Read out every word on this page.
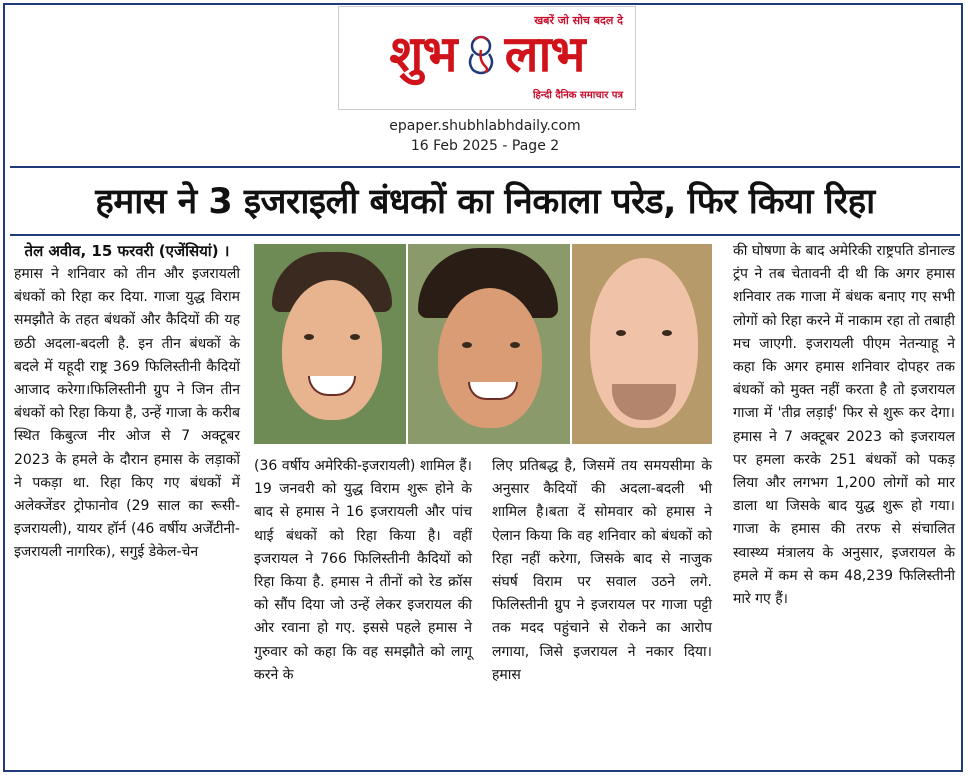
खबरें जो सोच बदल दे
शुभ लाभ
हिन्दी दैनिक समाचार पत्र
epaper.shubhlabhdaily.com
16 Feb 2025 - Page 2
हमास ने 3 इजराइली बंधकों का निकाला परेड, फिर किया रिहा
तेल अवीव, 15 फरवरी (एजेंसियां) ।

हमास ने शनिवार को तीन और इजरायली बंधकों को रिहा कर दिया. गाजा युद्ध विराम समझौते के तहत बंधकों और कैदियों की यह छठी अदला-बदली है. इन तीन बंधकों के बदले में यहूदी राष्ट्र 369 फिलिस्तीनी कैदियों आजाद करेगा।फिलिस्तीनी ग्रुप ने जिन तीन बंधकों को रिहा किया है, उन्हें गाजा के करीब स्थित किबुत्ज नीर ओज से 7 अक्टूबर 2023 के हमले के दौरान हमास के लड़ाकों ने पकड़ा था. रिहा किए गए बंधकों में अलेक्जेंडर ट्रोफानोव (29 साल का रूसी-इजरायली), यायर हॉर्न (46 वर्षीय अर्जेंटीनी-इजरायली नागरिक), सगुई डेकेल-चेन

(36 वर्षीय अमेरिकी-इजरायली) शामिल हैं।19 जनवरी को युद्ध विराम शुरू होने के बाद से हमास ने 16 इजरायली और पांच थाई बंधकों को रिहा किया है। वहीं इजरायल ने 766 फिलिस्तीनी कैदियों को रिहा किया है. हमास ने तीनों को रेड क्रॉस को सौंप दिया जो उन्हें लेकर इजरायल की ओर रवाना हो गए. इससे पहले हमास ने गुरुवार को कहा कि वह समझौते को लागू करने के

लिए प्रतिबद्ध है, जिसमें तय समयसीमा के अनुसार कैदियों की अदला-बदली भी शामिल है।बता दें सोमवार को हमास ने ऐलान किया कि वह शनिवार को बंधकों को रिहा नहीं करेगा, जिसके बाद से नाजुक संघर्ष विराम पर सवाल उठने लगे. फिलिस्तीनी ग्रुप ने इजरायल पर गाजा पट्टी तक मदद पहुंचाने से रोकने का आरोप लगाया, जिसे इजरायल ने नकार दिया। हमास

की घोषणा के बाद अमेरिकी राष्ट्रपति डोनाल्ड ट्रंप ने तब चेतावनी दी थी कि अगर हमास शनिवार तक गाजा में बंधक बनाए गए सभी लोगों को रिहा करने में नाकाम रहा तो तबाही मच जाएगी. इजरायली पीएम नेतन्याहू ने कहा कि अगर हमास शनिवार दोपहर तक बंधकों को मुक्त नहीं करता है तो इजरायल गाजा में 'तीव्र लड़ाई' फिर से शुरू कर देगा।हमास ने 7 अक्टूबर 2023 को इजरायल पर हमला करके 251 बंधकों को पकड़ लिया और लगभग 1,200 लोगों को मार डाला था जिसके बाद युद्ध शुरू हो गया। गाजा के हमास की तरफ से संचालित स्वास्थ्य मंत्रालय के अनुसार, इजरायल के हमले में कम से कम 48,239 फिलिस्तीनी मारे गए हैं।
